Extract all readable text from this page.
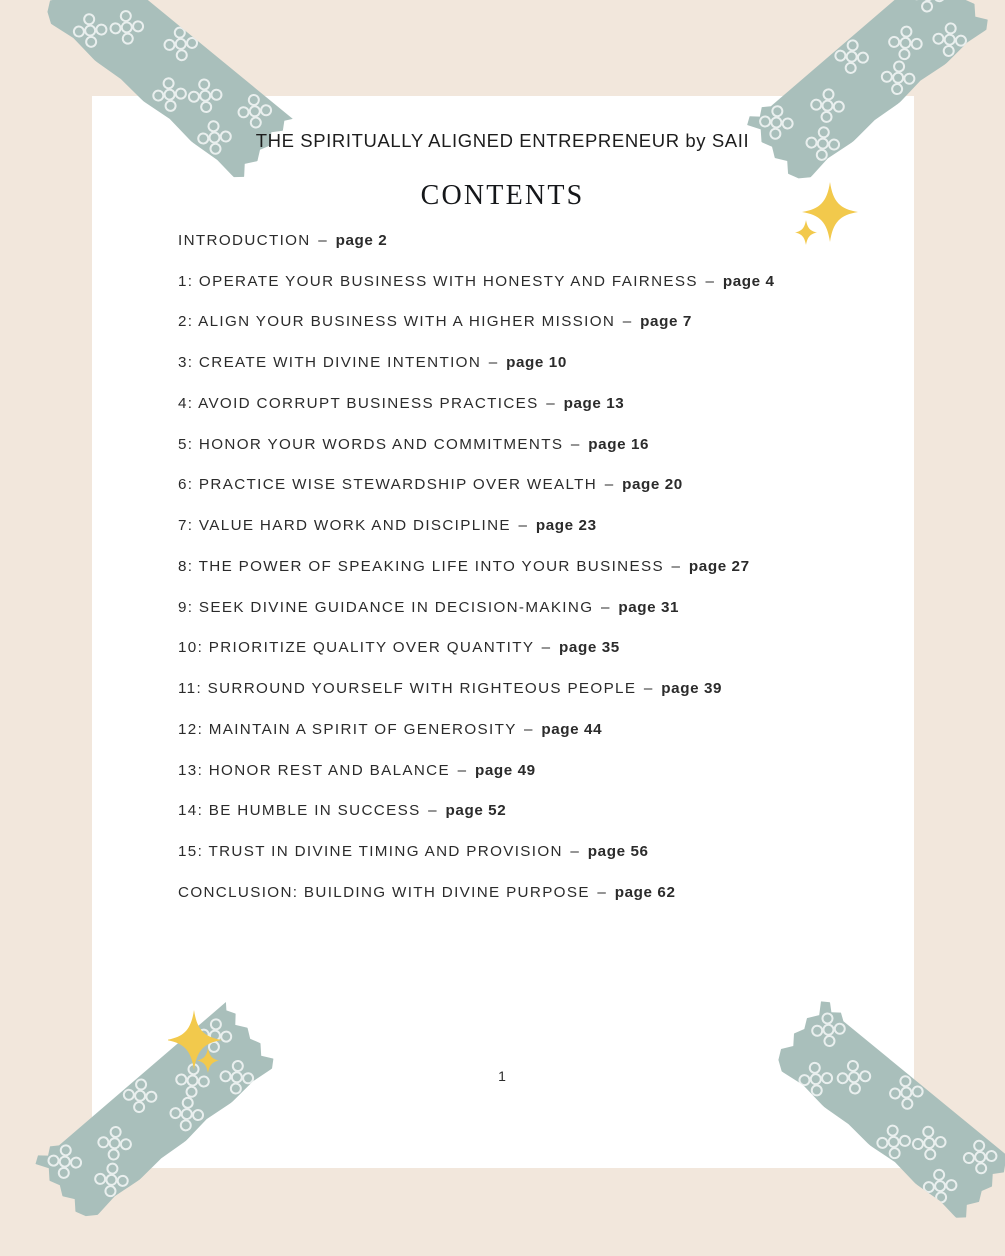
THE SPIRITUALLY ALIGNED ENTREPRENEUR by SAII
CONTENTS
INTRODUCTION – page 2
1: OPERATE YOUR BUSINESS WITH HONESTY AND FAIRNESS – page 4
2: ALIGN YOUR BUSINESS WITH A HIGHER MISSION – page 7
3: CREATE WITH DIVINE INTENTION – page 10
4: AVOID CORRUPT BUSINESS PRACTICES – page 13
5: HONOR YOUR WORDS AND COMMITMENTS – page 16
6: PRACTICE WISE STEWARDSHIP OVER WEALTH – page 20
7: VALUE HARD WORK AND DISCIPLINE – page 23
8: THE POWER OF SPEAKING LIFE INTO YOUR BUSINESS – page 27
9: SEEK DIVINE GUIDANCE IN DECISION-MAKING – page 31
10: PRIORITIZE QUALITY OVER QUANTITY – page 35
11: SURROUND YOURSELF WITH RIGHTEOUS PEOPLE – page 39
12: MAINTAIN A SPIRIT OF GENEROSITY – page 44
13: HONOR REST AND BALANCE – page 49
14: BE HUMBLE IN SUCCESS – page 52
15: TRUST IN DIVINE TIMING AND PROVISION – page 56
CONCLUSION: BUILDING WITH DIVINE PURPOSE – page 62
1
